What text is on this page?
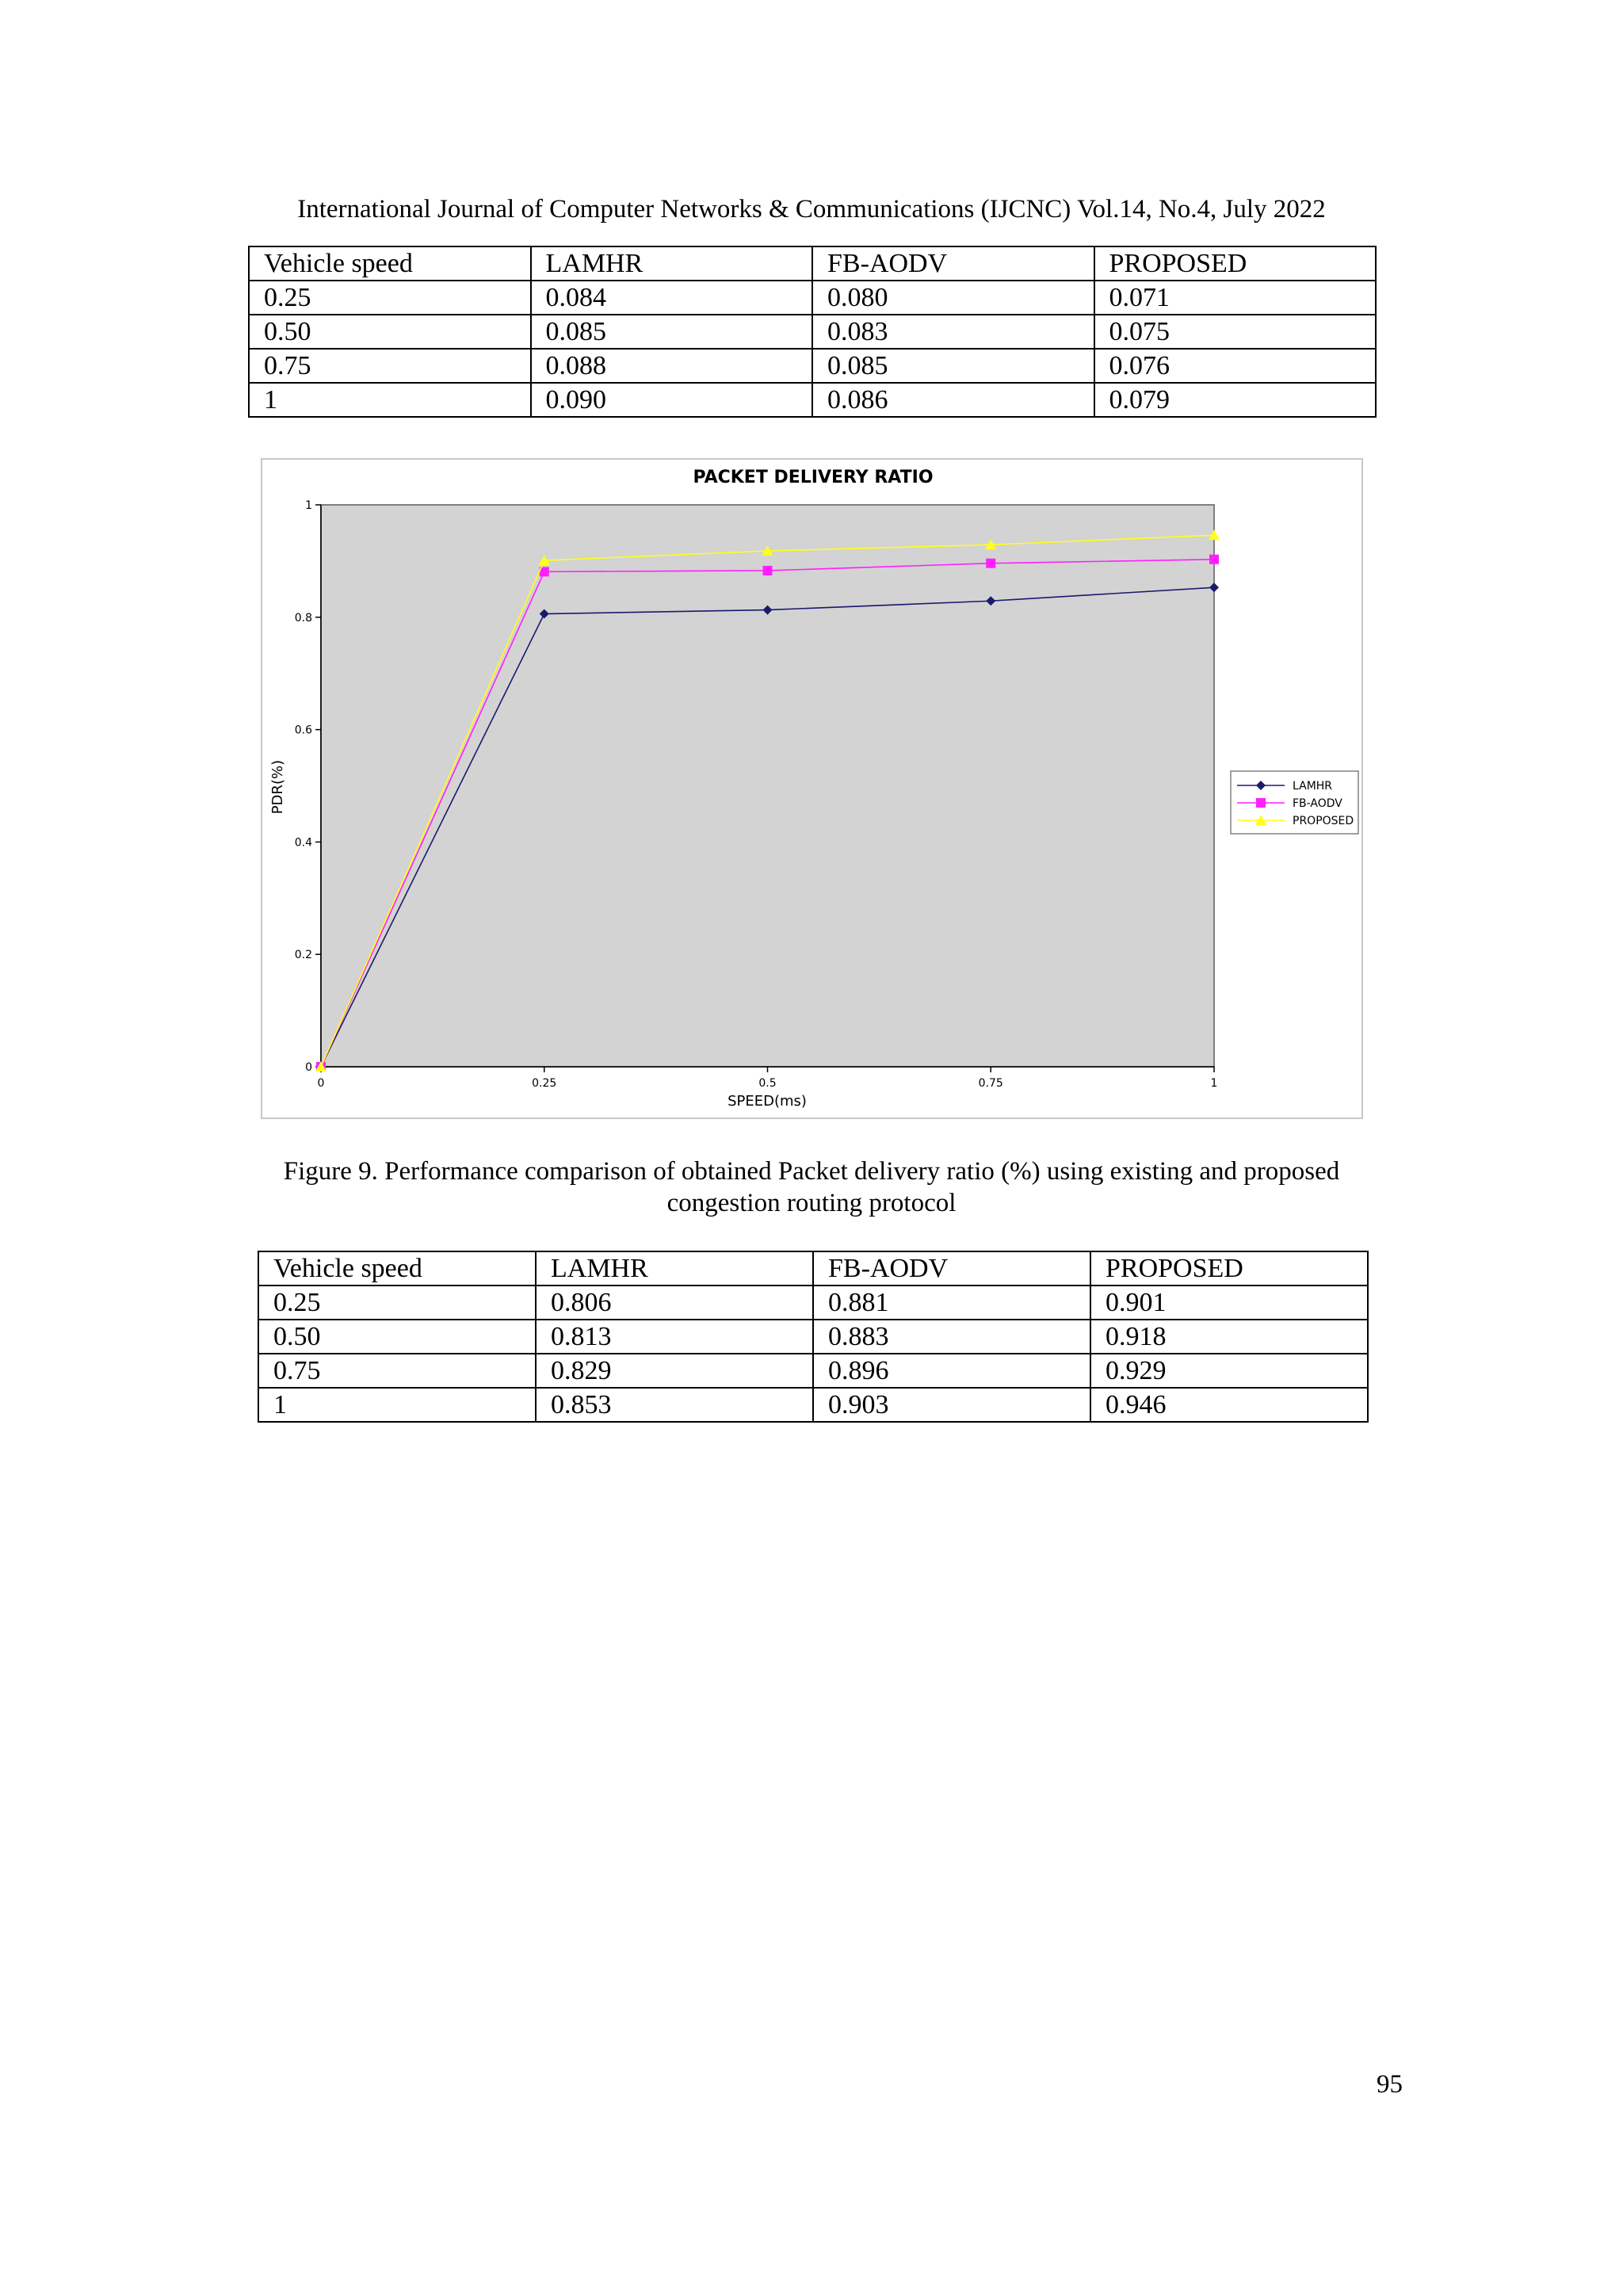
International Journal of Computer Networks & Communications (IJCNC) Vol.14, No.4, July 2022
Vehicle speed	LAMHR	FB-AODV	PROPOSED
0.25	0.084	0.080	0.071
0.50	0.085	0.083	0.075
0.75	0.088	0.085	0.076
1	0.090	0.086	0.079
PACKET DELIVERY RATIO
0
0.2
0.4
0.6
0.8
1
0	0.25	0.5	0.75	1
SPEED(ms)
PDR(%)	LAMHR
FB-AODV
PROPOSED
Figure 9. Performance comparison of obtained Packet delivery ratio (%) using existing and proposed
congestion routing protocol
Vehicle speed	LAMHR	FB-AODV	PROPOSED
0.25	0.806	0.881	0.901
0.50	0.813	0.883	0.918
0.75	0.829	0.896	0.929
1	0.853	0.903	0.946
95
